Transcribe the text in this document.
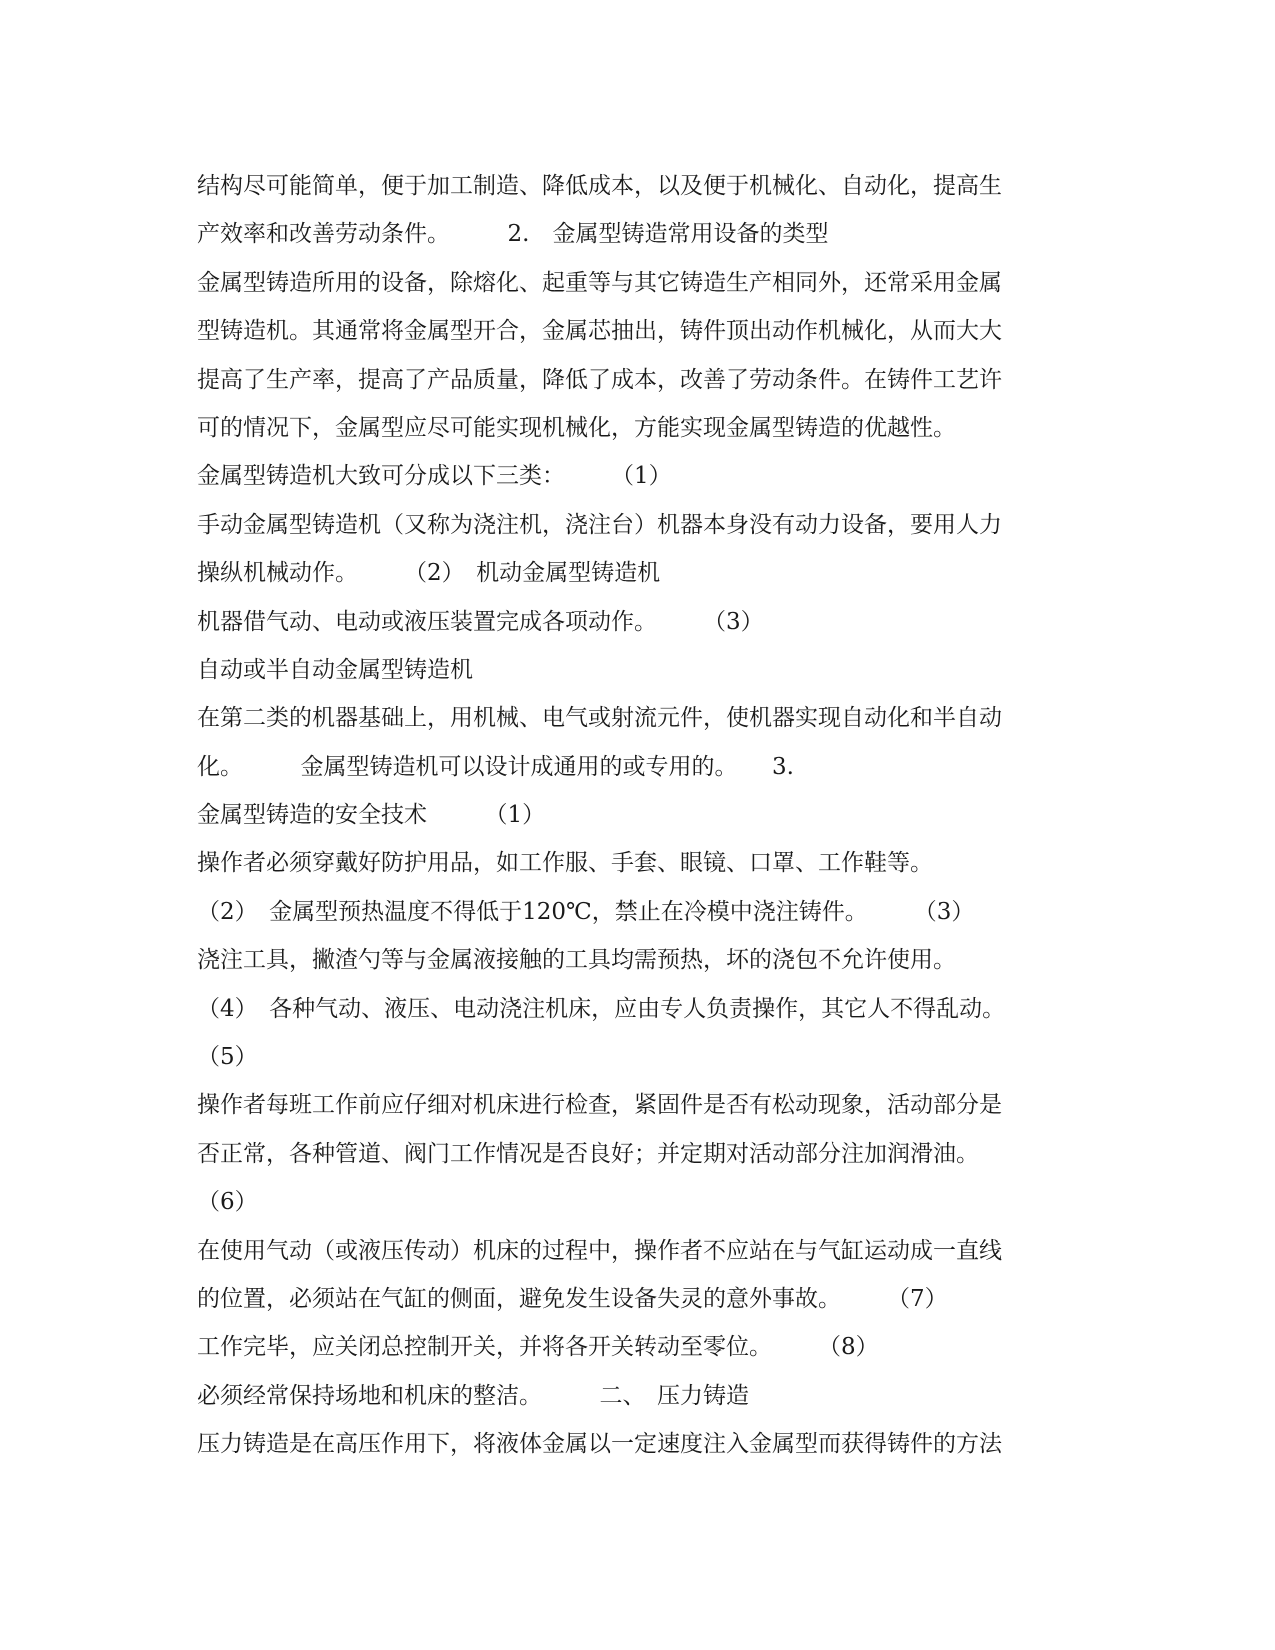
结构尽可能简单，便于加工制造、降低成本，以及便于机械化、自动化，提高生
产效率和改善劳动条件。　　　2.　金属型铸造常用设备的类型
金属型铸造所用的设备，除熔化、起重等与其它铸造生产相同外，还常采用金属
型铸造机。其通常将金属型开合，金属芯抽出，铸件顶出动作机械化，从而大大
提高了生产率，提高了产品质量，降低了成本，改善了劳动条件。在铸件工艺许
可的情况下，金属型应尽可能实现机械化，方能实现金属型铸造的优越性。
金属型铸造机大致可分成以下三类：　　　（1）
手动金属型铸造机（又称为浇注机，浇注台）机器本身没有动力设备，要用人力
操纵机械动作。　　　（2）　机动金属型铸造机
机器借气动、电动或液压装置完成各项动作。　　　（3）
自动或半自动金属型铸造机
在第二类的机器基础上，用机械、电气或射流元件，使机器实现自动化和半自动
化。　　　金属型铸造机可以设计成通用的或专用的。　　3.
金属型铸造的安全技术　　　（1）
操作者必须穿戴好防护用品，如工作服、手套、眼镜、口罩、工作鞋等。
（2）　金属型预热温度不得低于120℃，禁止在冷模中浇注铸件。　　　（3）
浇注工具，撇渣勺等与金属液接触的工具均需预热，坏的浇包不允许使用。
（4）　各种气动、液压、电动浇注机床，应由专人负责操作，其它人不得乱动。
（5）
操作者每班工作前应仔细对机床进行检查，紧固件是否有松动现象，活动部分是
否正常，各种管道、阀门工作情况是否良好；并定期对活动部分注加润滑油。
（6）
在使用气动（或液压传动）机床的过程中，操作者不应站在与气缸运动成一直线
的位置，必须站在气缸的侧面，避免发生设备失灵的意外事故。　　　（7）
工作完毕，应关闭总控制开关，并将各开关转动至零位。　　　（8）
必须经常保持场地和机床的整洁。　　　二、　压力铸造
压力铸造是在高压作用下，将液体金属以一定速度注入金属型而获得铸件的方法
